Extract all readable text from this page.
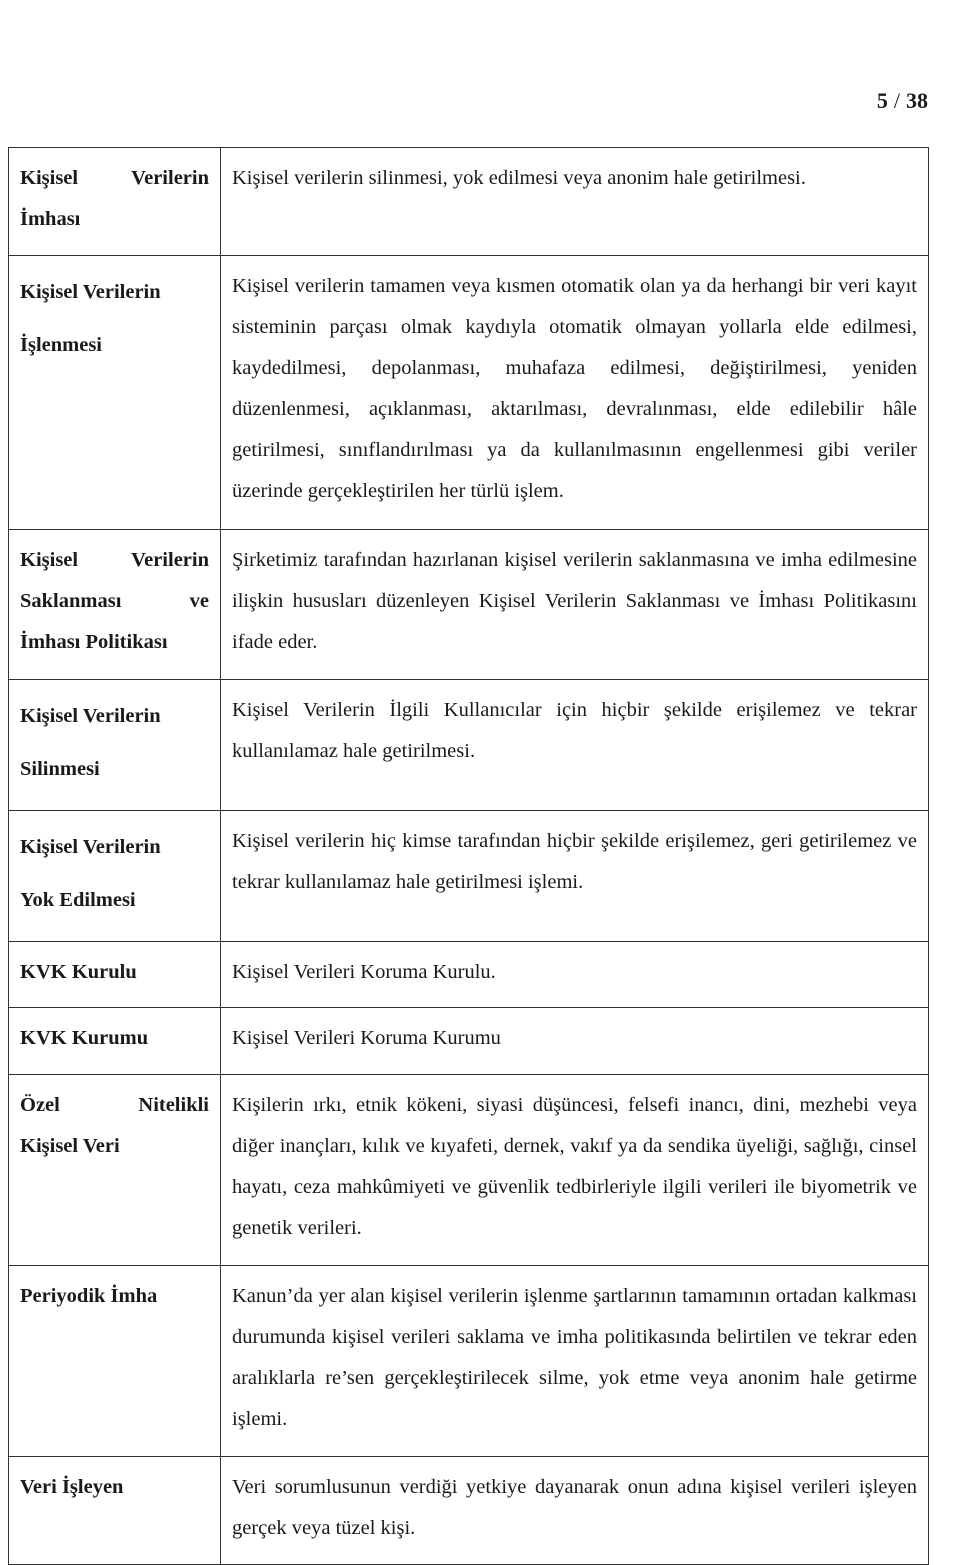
5 / 38
Kişisel Verilerin
İmhası	Kişisel verilerin silinmesi, yok edilmesi veya anonim hale getirilmesi.

Kişisel Verilerin
İşlenmesi	Kişisel verilerin tamamen veya kısmen otomatik olan ya da herhangi bir veri kayıt sisteminin parçası olmak kaydıyla otomatik olmayan yollarla elde edilmesi, kaydedilmesi, depolanması, muhafaza edilmesi, değiştirilmesi, yeniden düzenlenmesi, açıklanması, aktarılması, devralınması, elde edilebilir hâle getirilmesi, sınıflandırılması ya da kullanılmasının engellenmesi gibi veriler üzerinde gerçekleştirilen her türlü işlem.

Kişisel Verilerin
Saklanması ve
İmhası Politikası	Şirketimiz tarafından hazırlanan kişisel verilerin saklanmasına ve imha edilmesine ilişkin hususları düzenleyen Kişisel Verilerin Saklanması ve İmhası Politikasını ifade eder.

Kişisel Verilerin
Silinmesi	Kişisel Verilerin İlgili Kullanıcılar için hiçbir şekilde erişilemez ve tekrar kullanılamaz hale getirilmesi.

Kişisel Verilerin
Yok Edilmesi	Kişisel verilerin hiç kimse tarafından hiçbir şekilde erişilemez, geri getirilemez ve tekrar kullanılamaz hale getirilmesi işlemi.

KVK Kurulu	Kişisel Verileri Koruma Kurulu.

KVK Kurumu	Kişisel Verileri Koruma Kurumu

Özel Nitelikli
Kişisel Veri	Kişilerin ırkı, etnik kökeni, siyasi düşüncesi, felsefi inancı, dini, mezhebi veya diğer inançları, kılık ve kıyafeti, dernek, vakıf ya da sendika üyeliği, sağlığı, cinsel hayatı, ceza mahkûmiyeti ve güvenlik tedbirleriyle ilgili verileri ile biyometrik ve genetik verileri.

Periyodik İmha	Kanun’da yer alan kişisel verilerin işlenme şartlarının tamamının ortadan kalkması durumunda kişisel verileri saklama ve imha politikasında belirtilen ve tekrar eden aralıklarla re’sen gerçekleştirilecek silme, yok etme veya anonim hale getirme işlemi.

Veri İşleyen	Veri sorumlusunun verdiği yetkiye dayanarak onun adına kişisel verileri işleyen gerçek veya tüzel kişi.
